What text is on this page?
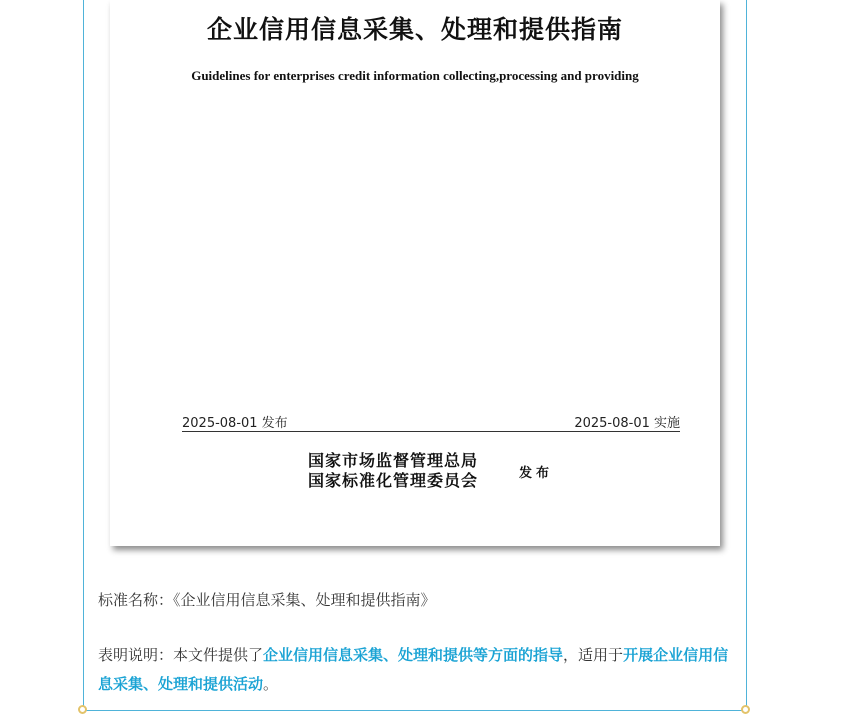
企业信用信息采集、处理和提供指南
Guidelines for enterprises credit information collecting,processing and providing
2025-08-01 发布	2025-08-01 实施
国家市场监督管理总局
国家标准化管理委员会	发布
标准名称：《企业信用信息采集、处理和提供指南》
表明说明：本文件提供了企业信用信息采集、处理和提供等方面的指导，适用于开展企业信用信息采集、处理和提供活动。
